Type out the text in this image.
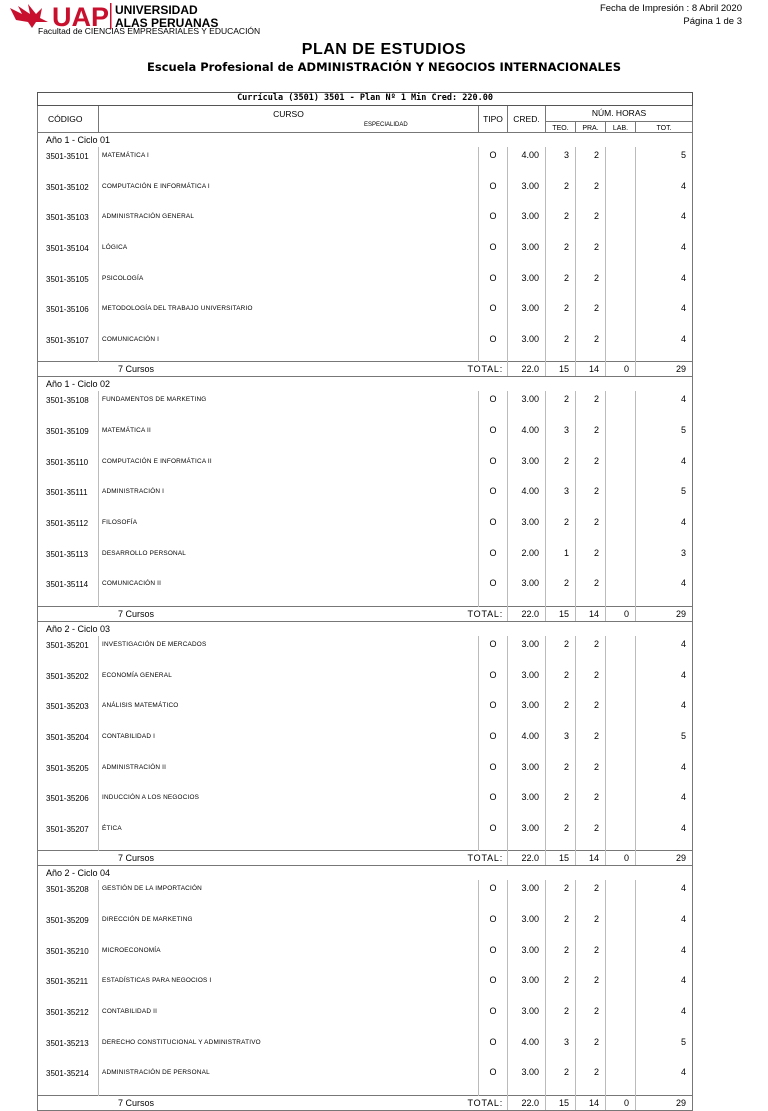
UAP UNIVERSIDAD
ALAS PERUANAS
Facultad de CIENCIAS EMPRESARIALES Y EDUCACIÓN
Fecha de Impresión : 8 Abril 2020
Página 1 de 3
PLAN DE ESTUDIOS
Escuela Profesional de ADMINISTRACIÓN Y NEGOCIOS INTERNACIONALES
Currícula (3501) 3501 - Plan Nº 1 Min Cred: 220.00							
CÓDIGO	CURSO
ESPECIALIDAD	TIPO	CRED.	NÚM. HORAS			
				TEO.	PRA.	LAB.	TOT.
Año 1 - Ciclo 01							
3501-35101	MATEMÁTICA I	O	4.00	3	2		5
3501-35102	COMPUTACIÓN E INFORMÁTICA I	O	3.00	2	2		4
3501-35103	ADMINISTRACIÓN GENERAL	O	3.00	2	2		4
3501-35104	LÓGICA	O	3.00	2	2		4
3501-35105	PSICOLOGÍA	O	3.00	2	2		4
3501-35106	METODOLOGÍA DEL TRABAJO UNIVERSITARIO	O	3.00	2	2		4
3501-35107	COMUNICACIÓN I	O	3.00	2	2		4
7 Cursos	TOTAL:		22.0	15	14	0	29
Año 1 - Ciclo 02							
3501-35108	FUNDAMENTOS DE MARKETING	O	3.00	2	2		4
3501-35109	MATEMÁTICA II	O	4.00	3	2		5
3501-35110	COMPUTACIÓN E INFORMÁTICA II	O	3.00	2	2		4
3501-35111	ADMINISTRACIÓN I	O	4.00	3	2		5
3501-35112	FILOSOFÍA	O	3.00	2	2		4
3501-35113	DESARROLLO PERSONAL	O	2.00	1	2		3
3501-35114	COMUNICACIÓN II	O	3.00	2	2		4
7 Cursos	TOTAL:		22.0	15	14	0	29
Año 2 - Ciclo 03							
3501-35201	INVESTIGACIÓN DE MERCADOS	O	3.00	2	2		4
3501-35202	ECONOMÍA GENERAL	O	3.00	2	2		4
3501-35203	ANÁLISIS MATEMÁTICO	O	3.00	2	2		4
3501-35204	CONTABILIDAD I	O	4.00	3	2		5
3501-35205	ADMINISTRACIÓN II	O	3.00	2	2		4
3501-35206	INDUCCIÓN A LOS NEGOCIOS	O	3.00	2	2		4
3501-35207	ÉTICA	O	3.00	2	2		4
7 Cursos	TOTAL:		22.0	15	14	0	29
Año 2 - Ciclo 04							
3501-35208	GESTIÓN DE LA IMPORTACIÓN	O	3.00	2	2		4
3501-35209	DIRECCIÓN DE MARKETING	O	3.00	2	2		4
3501-35210	MICROECONOMÍA	O	3.00	2	2		4
3501-35211	ESTADÍSTICAS PARA NEGOCIOS I	O	3.00	2	2		4
3501-35212	CONTABILIDAD II	O	3.00	2	2		4
3501-35213	DERECHO CONSTITUCIONAL Y ADMINISTRATIVO	O	4.00	3	2		5
3501-35214	ADMINISTRACIÓN DE PERSONAL	O	3.00	2	2		4
7 Cursos	TOTAL:		22.0	15	14	0	29
